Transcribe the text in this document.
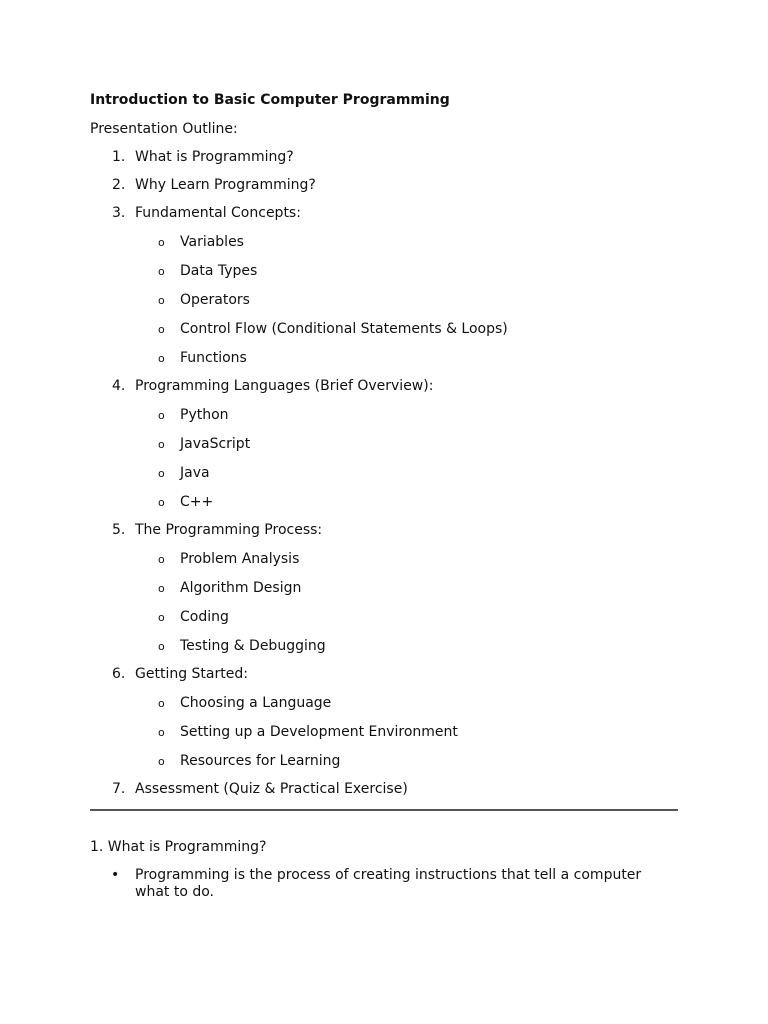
Introduction to Basic Computer Programming
Presentation Outline:
1. What is Programming?
2. Why Learn Programming?
3. Fundamental Concepts:
o Variables
o Data Types
o Operators
o Control Flow (Conditional Statements & Loops)
o Functions
4. Programming Languages (Brief Overview):
o Python
o JavaScript
o Java
o C++
5. The Programming Process:
o Problem Analysis
o Algorithm Design
o Coding
o Testing & Debugging
6. Getting Started:
o Choosing a Language
o Setting up a Development Environment
o Resources for Learning
7. Assessment (Quiz & Practical Exercise)
1. What is Programming?
• Programming is the process of creating instructions that tell a computer what to do.
